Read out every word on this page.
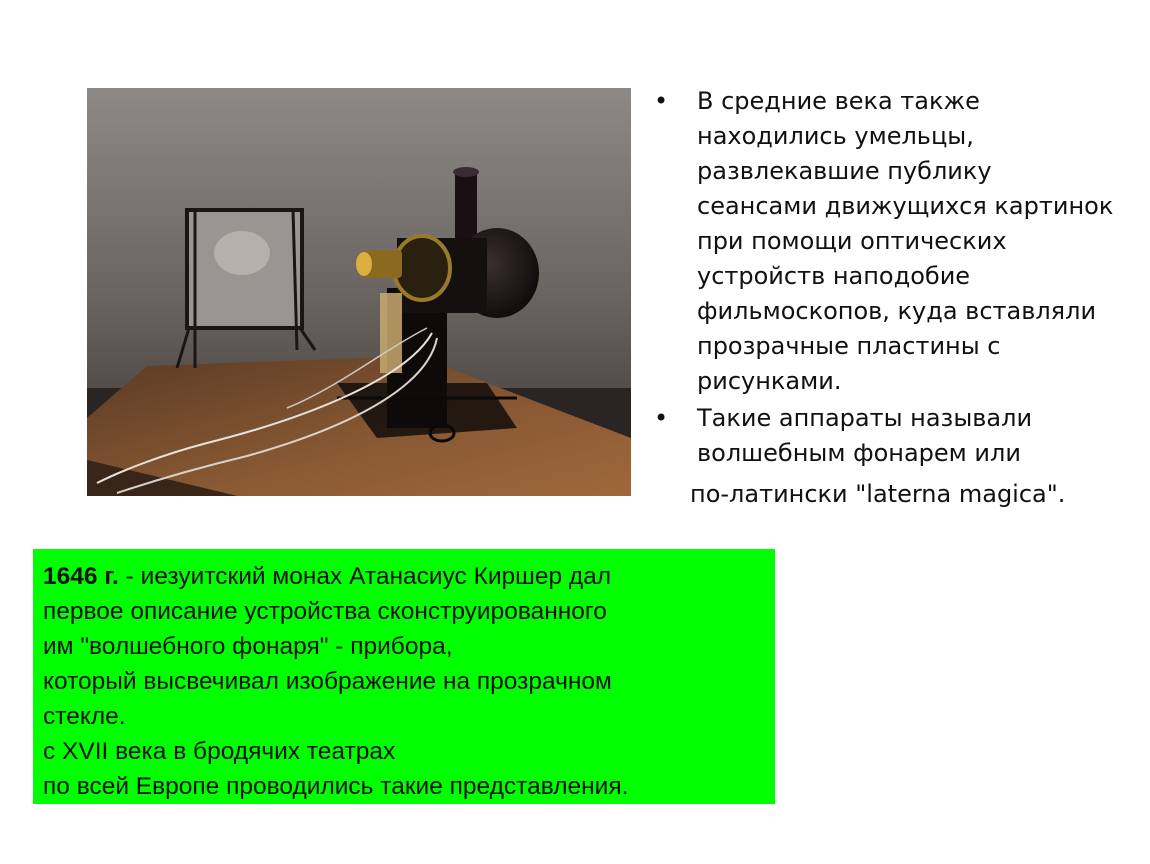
• В средние века также
находились умельцы,
развлекавшие публику
сеансами движущихся картинок
при помощи оптических
устройств наподобие
фильмоскопов, куда вставляли
прозрачные пластины с
рисунками.
• Такие аппараты называли
волшебным фонарем или
по-латински "laterna magica".
1646 г. - иезуитский монах Атанасиус Киршер дал
первое описание устройства сконструированного
им "волшебного фонаря" - прибора,
который высвечивал изображение на прозрачном
стекле.
с XVII века в бродячих театрах
по всей Европе проводились такие представления.
